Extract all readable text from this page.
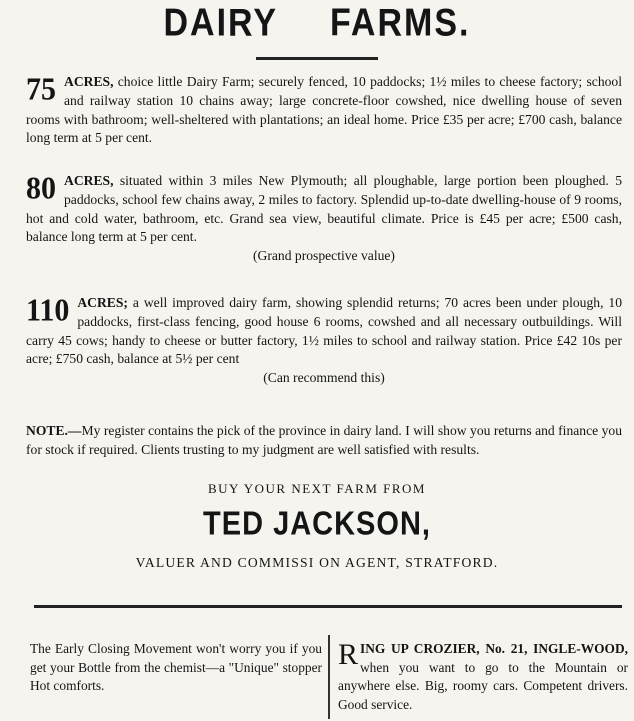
DAIRY FARMS.
75 ACRES, choice little Dairy Farm; securely fenced, 10 paddocks; 1½ miles to cheese factory; school and railway station 10 chains away; large concrete-floor cowshed, nice dwelling house of seven rooms with bathroom; well-sheltered with plantations; an ideal home. Price £35 per acre; £700 cash, balance long term at 5 per cent.
80 ACRES, situated within 3 miles New Plymouth; all ploughable, large portion been ploughed. 5 paddocks, school few chains away, 2 miles to factory. Splendid up-to-date dwelling-house of 9 rooms, hot and cold water, bathroom, etc. Grand sea view, beautiful climate. Price is £45 per acre; £500 cash, balance long term at 5 per cent.
(Grand prospective value)
110 ACRES; a well improved dairy farm, showing splendid returns; 70 acres been under plough, 10 paddocks, first-class fencing, good house 6 rooms, cowshed and all necessary outbuildings. Will carry 45 cows; handy to cheese or butter factory, 1½ miles to school and railway station. Price £42 10s per acre; £750 cash, balance at 5½ per cent
(Can recommend this)
NOTE.—My register contains the pick of the province in dairy land. I will show you returns and finance you for stock if required. Clients trusting to my judgment are well satisfied with results.
BUY YOUR NEXT FARM FROM
TED JACKSON,
VALUER AND COMMISSI ON AGENT, STRATFORD.
The Early Closing Movement won't worry you if you get your Bottle from the chemist—a "Unique" stopper Hot comforts.
RING UP CROZIER, No. 21, INGLE-WOOD, when you want to go to the Mountain or anywhere else. Big, roomy cars. Competent drivers. Good service.
